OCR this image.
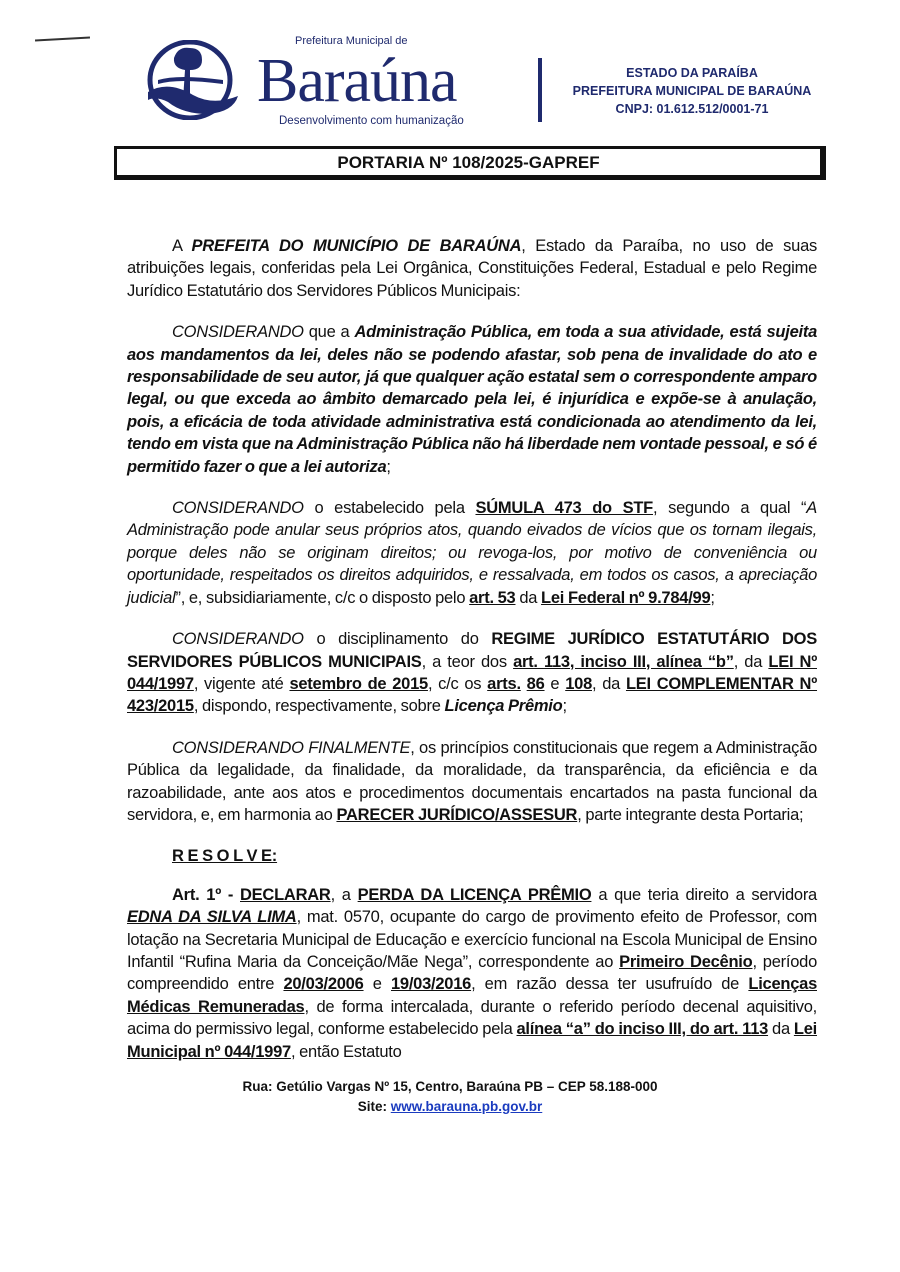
Prefeitura Municipal de
Baraúna
Desenvolvimento com humanização
ESTADO DA PARAÍBA
PREFEITURA MUNICIPAL DE BARAÚNA
CNPJ: 01.612.512/0001-71
PORTARIA Nº 108/2025-GAPREF

A PREFEITA DO MUNICÍPIO DE BARAÚNA, Estado da Paraíba, no uso de suas atribuições legais, conferidas pela Lei Orgânica, Constituições Federal, Estadual e pelo Regime Jurídico Estatutário dos Servidores Públicos Municipais:

CONSIDERANDO que a Administração Pública, em toda a sua atividade, está sujeita aos mandamentos da lei, deles não se podendo afastar, sob pena de invalidade do ato e responsabilidade de seu autor, já que qualquer ação estatal sem o correspondente amparo legal, ou que exceda ao âmbito demarcado pela lei, é injurídica e expõe-se à anulação, pois, a eficácia de toda atividade administrativa está condicionada ao atendimento da lei, tendo em vista que na Administração Pública não há liberdade nem vontade pessoal, e só é permitido fazer o que a lei autoriza;

CONSIDERANDO o estabelecido pela SÚMULA 473 do STF, segundo a qual “A Administração pode anular seus próprios atos, quando eivados de vícios que os tornam ilegais, porque deles não se originam direitos; ou revoga-los, por motivo de conveniência ou oportunidade, respeitados os direitos adquiridos, e ressalvada, em todos os casos, a apreciação judicial”, e, subsidiariamente, c/c o disposto pelo art. 53 da Lei Federal nº 9.784/99;

CONSIDERANDO o disciplinamento do REGIME JURÍDICO ESTATUTÁRIO DOS SERVIDORES PÚBLICOS MUNICIPAIS, a teor dos art. 113, inciso III, alínea “b”, da LEI Nº 044/1997, vigente até setembro de 2015, c/c os arts. 86 e 108, da LEI COMPLEMENTAR Nº 423/2015, dispondo, respectivamente, sobre Licença Prêmio;

CONSIDERANDO FINALMENTE, os princípios constitucionais que regem a Administração Pública da legalidade, da finalidade, da moralidade, da transparência, da eficiência e da razoabilidade, ante aos atos e procedimentos documentais encartados na pasta funcional da servidora, e, em harmonia ao PARECER JURÍDICO/ASSESUR, parte integrante desta Portaria;

R E S O L V E:

Art. 1º - DECLARAR, a PERDA DA LICENÇA PRÊMIO a que teria direito a servidora EDNA DA SILVA LIMA, mat. 0570, ocupante do cargo de provimento efeito de Professor, com lotação na Secretaria Municipal de Educação e exercício funcional na Escola Municipal de Ensino Infantil “Rufina Maria da Conceição/Mãe Nega”, correspondente ao Primeiro Decênio, período compreendido entre 20/03/2006 e 19/03/2016, em razão dessa ter usufruído de Licenças Médicas Remuneradas, de forma intercalada, durante o referido período decenal aquisitivo, acima do permissivo legal, conforme estabelecido pela alínea “a” do inciso III, do art. 113 da Lei Municipal nº 044/1997, então Estatuto

Rua: Getúlio Vargas Nº 15, Centro, Baraúna PB – CEP 58.188-000
Site: www.barauna.pb.gov.br
